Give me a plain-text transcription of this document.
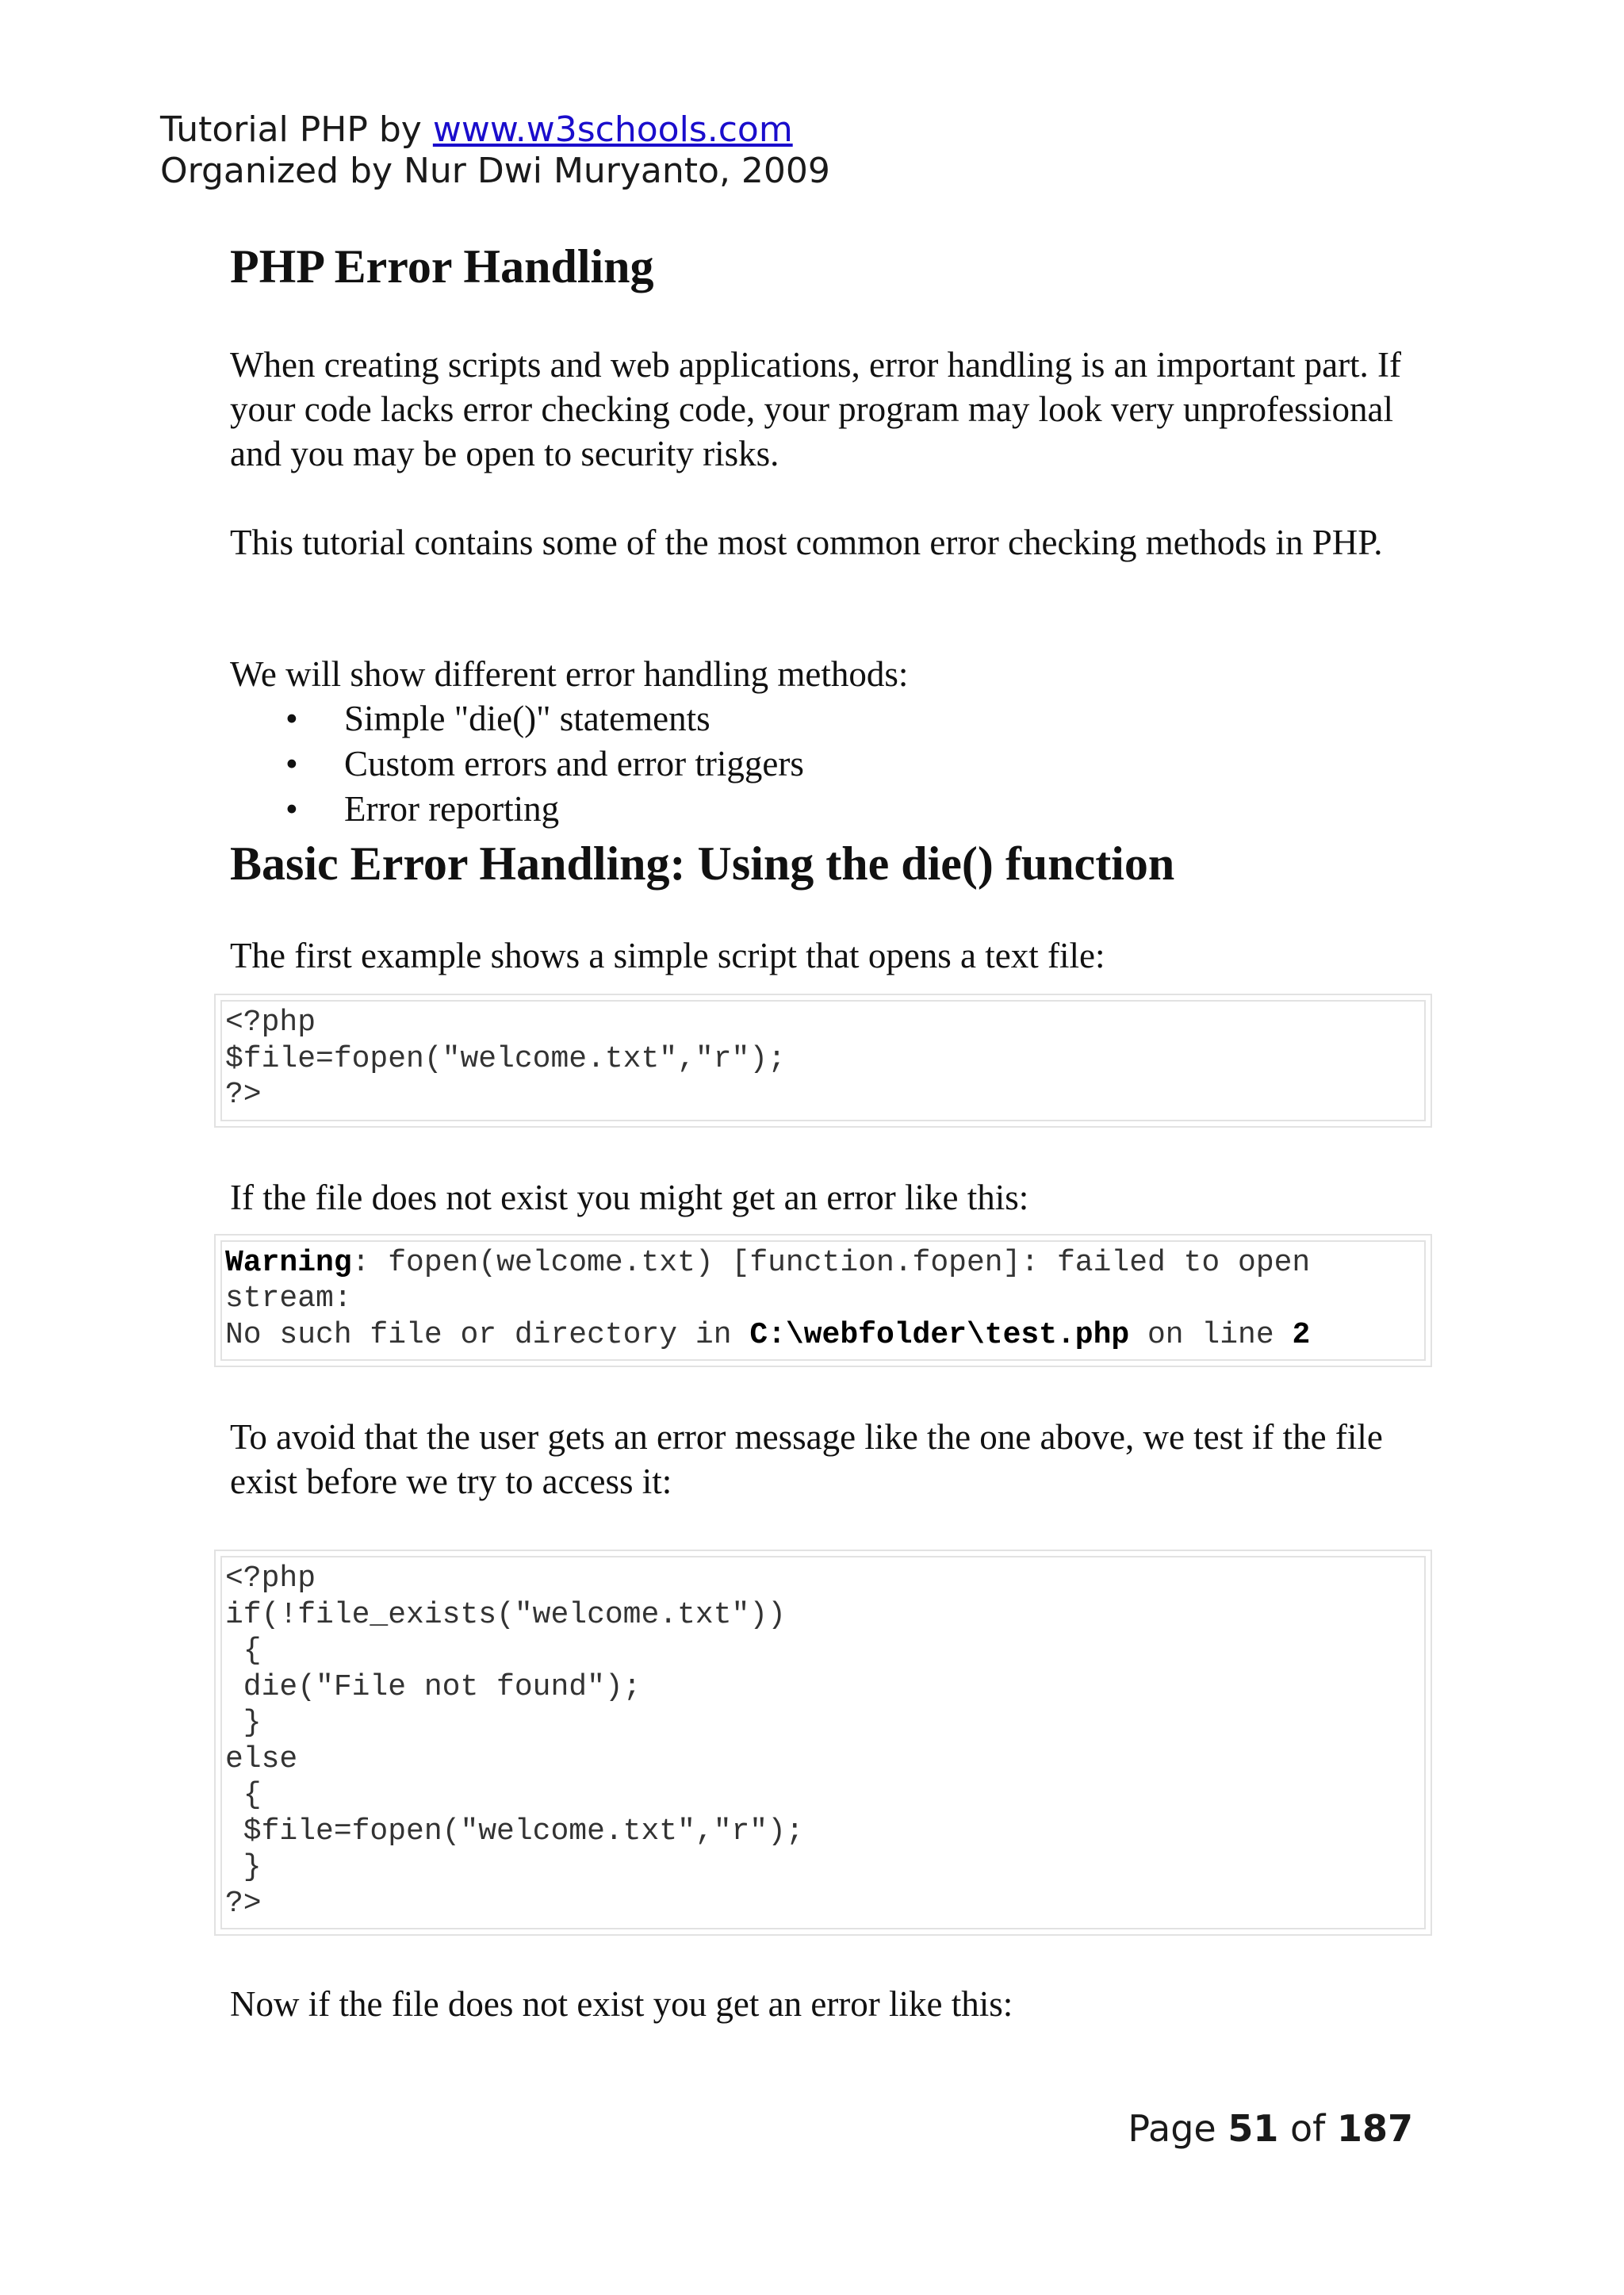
Tutorial PHP by www.w3schools.com
Organized by Nur Dwi Muryanto, 2009
PHP Error Handling

When creating scripts and web applications, error handling is an important part. If your code lacks error checking code, your program may look very unprofessional and you may be open to security risks.

This tutorial contains some of the most common error checking methods in PHP.

We will show different error handling methods:

• Simple "die()" statements
• Custom errors and error triggers
• Error reporting
Basic Error Handling: Using the die() function

The first example shows a simple script that opens a text file:

<?php
$file=fopen("welcome.txt","r");
?>

If the file does not exist you might get an error like this:

Warning: fopen(welcome.txt) [function.fopen]: failed to open
stream:
No such file or directory in C:\webfolder\test.php on line 2

To avoid that the user gets an error message like the one above, we test if the file exist before we try to access it:

<?php
if(!file_exists("welcome.txt"))
{
die("File not found");
}
else
{
$file=fopen("welcome.txt","r");
}
?>

Now if the file does not exist you get an error like this:

Page 51 of 187
